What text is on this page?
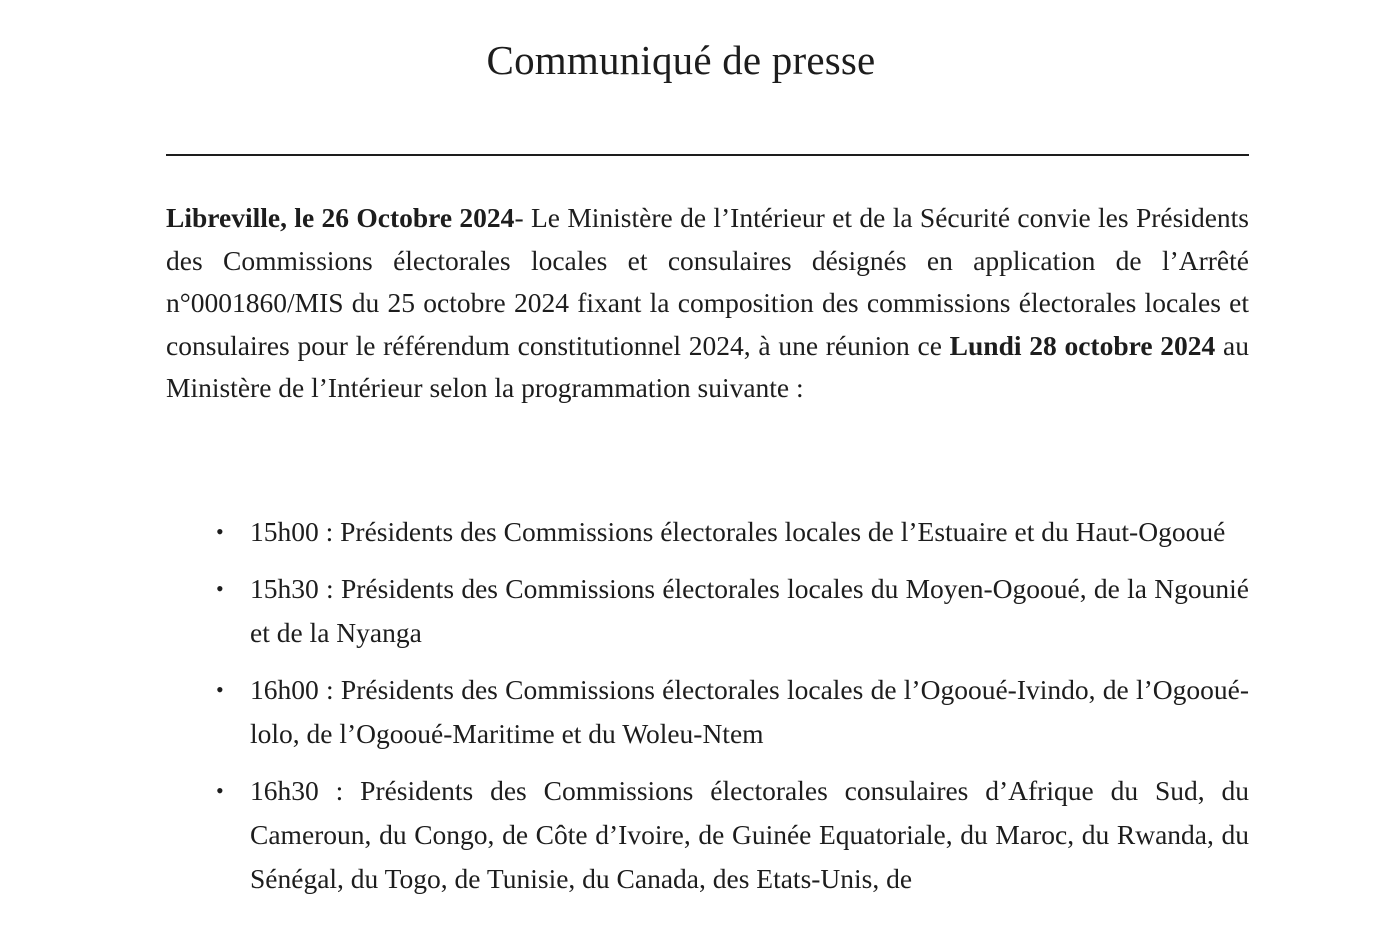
Communiqué de presse

Libreville, le 26 Octobre 2024- Le Ministère de l’Intérieur et de la Sécurité convie les Présidents des Commissions électorales locales et consulaires désignés en application de l’Arrêté n°0001860/MIS du 25 octobre 2024 fixant la composition des commissions électorales locales et consulaires pour le référendum constitutionnel 2024, à une réunion ce Lundi 28 octobre 2024 au Ministère de l’Intérieur selon la programmation suivante :

• 15h00 : Présidents des Commissions électorales locales de l’Estuaire et du Haut-Ogooué
• 15h30 : Présidents des Commissions électorales locales du Moyen-Ogooué, de la Ngounié et de la Nyanga
• 16h00 : Présidents des Commissions électorales locales de l’Ogooué-Ivindo, de l’Ogooué-lolo, de l’Ogooué-Maritime et du Woleu-Ntem
• 16h30 : Présidents des Commissions électorales consulaires d’Afrique du Sud, du Cameroun, du Congo, de Côte d’Ivoire, de Guinée Equatoriale, du Maroc, du Rwanda, du Sénégal, du Togo, de Tunisie, du Canada, des Etats-Unis, de
